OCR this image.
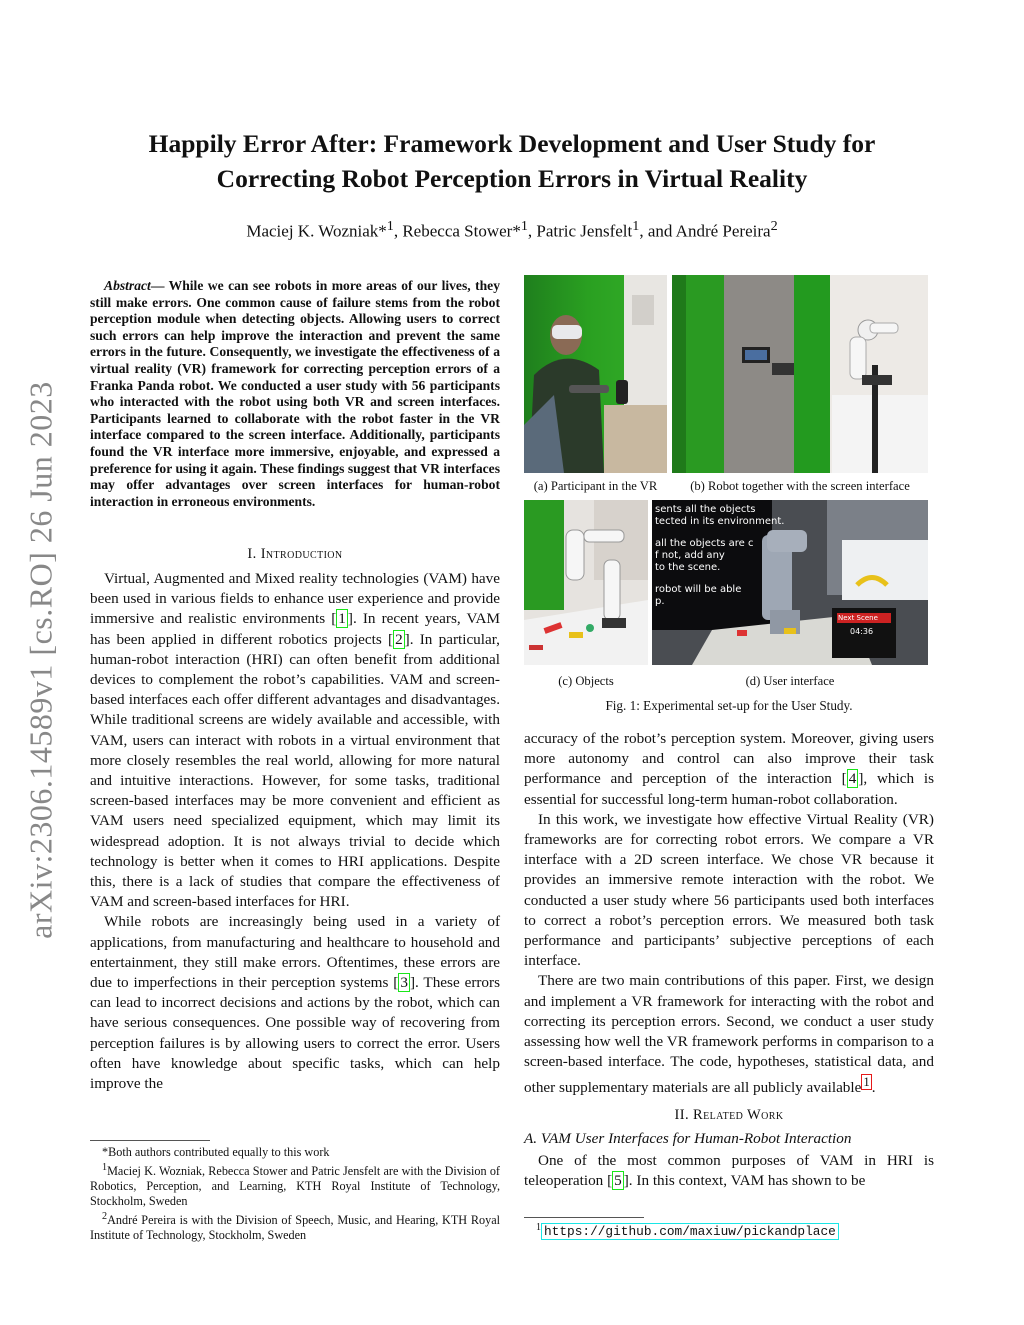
arXiv:2306.14589v1 [cs.RO] 26 Jun 2023
Happily Error After: Framework Development and User Study for
Correcting Robot Perception Errors in Virtual Reality
Maciej K. Wozniak*$^1$, Rebecca Stower*$^1$, Patric Jensfelt$^1$, and André Pereira$^2$

Abstract— While we can see robots in more areas of our lives, they still make errors. One common cause of failure stems from the robot perception module when detecting objects. Allowing users to correct such errors can help improve the interaction and prevent the same errors in the future. Consequently, we investigate the effectiveness of a virtual reality (VR) framework for correcting perception errors of a Franka Panda robot. We conducted a user study with 56 participants who interacted with the robot using both VR and screen interfaces. Participants learned to collaborate with the robot faster in the VR interface compared to the screen interface. Additionally, participants found the VR interface more immersive, enjoyable, and expressed a preference for using it again. These findings suggest that VR interfaces may offer advantages over screen interfaces for human-robot interaction in erroneous environments.

I. Introduction

Virtual, Augmented and Mixed reality technologies (VAM) have been used in various fields to enhance user experience and provide immersive and realistic environments [ 1 ]. In recent years, VAM has been applied in different robotics projects [ 2 ]. In particular, human-robot interaction (HRI) can often benefit from additional devices to complement the robot’s capabilities. VAM and screen-based interfaces each offer different advantages and disadvantages. While traditional screens are widely available and accessible, with VAM, users can interact with robots in a virtual environment that more closely resembles the real world, allowing for more natural and intuitive interactions. However, for some tasks, traditional screen-based interfaces may be more convenient and efficient as VAM users need specialized equipment, which may limit its widespread adoption. It is not always trivial to decide which technology is better when it comes to HRI applications. Despite this, there is a lack of studies that compare the effectiveness of VAM and screen-based interfaces for HRI.

While robots are increasingly being used in a variety of applications, from manufacturing and healthcare to household and entertainment, they still make errors. Oftentimes, these errors are due to imperfections in their perception systems [ 3 ]. These errors can lead to incorrect decisions and actions by the robot, which can have serious consequences. One possible way of recovering from perception failures is by allowing users to correct the error. Users often have knowledge about specific tasks, which can help improve the

*Both authors contributed equally to this work
$^1$Maciej K. Wozniak, Rebecca Stower and Patric Jensfelt are with the Division of Robotics, Perception, and Learning, KTH Royal Institute of Technology, Stockholm, Sweden
$^2$André Pereira is with the Division of Speech, Music, and Hearing, KTH Royal Institute of Technology, Stockholm, Sweden
(a) Participant in the VR	(b) Robot together with the screen interface
sents all the objects
tected in its environment.
all the objects are c
f not, add any
to the scene.
robot will be able
p.
Next Scene
04:36
(c) Objects	(d) User interface
Fig. 1: Experimental set-up for the User Study.

accuracy of the robot’s perception system. Moreover, giving users more autonomy and control can also improve their task performance and perception of the interaction [ 4 ], which is essential for successful long-term human-robot collaboration.

In this work, we investigate how effective Virtual Reality (VR) frameworks are for correcting robot errors. We compare a VR interface with a 2D screen interface. We chose VR because it provides an immersive remote interaction with the robot. We conducted a user study where 56 participants used both interfaces to correct a robot’s perception errors. We measured both task performance and participants’ subjective perceptions of each interface.

There are two main contributions of this paper. First, we design and implement a VR framework for interacting with the robot and correcting its perception errors. Second, we conduct a user study assessing how well the VR framework performs in comparison to a screen-based interface. The code, hypotheses, statistical data, and other supplementary materials are all publicly available $^1$ .

II. Related Work
A. VAM User Interfaces for Human-Robot Interaction

One of the most common purposes of VAM in HRI is teleoperation [ 5 ]. In this context, VAM has shown to be

$^1$ https://github.com/maxiuw/pickandplace
